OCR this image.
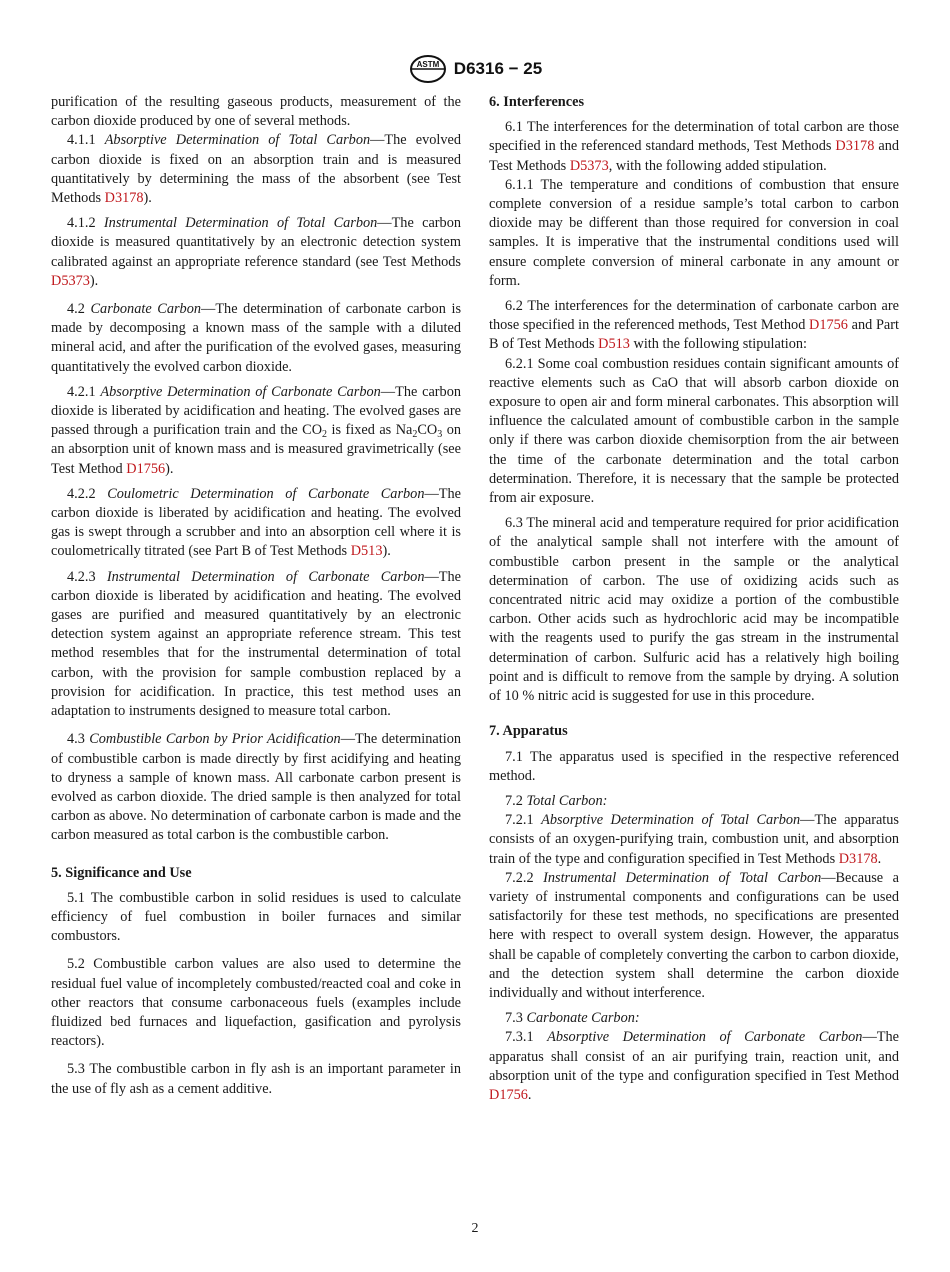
ASTM D6316 − 25

purification of the resulting gaseous products, measurement of the carbon dioxide produced by one of several methods.

4.1.1 Absorptive Determination of Total Carbon—The evolved carbon dioxide is fixed on an absorption train and is measured quantitatively by determining the mass of the absorbent (see Test Methods D3178).

4.1.2 Instrumental Determination of Total Carbon—The carbon dioxide is measured quantitatively by an electronic detection system calibrated against an appropriate reference standard (see Test Methods D5373).

4.2 Carbonate Carbon—The determination of carbonate carbon is made by decomposing a known mass of the sample with a diluted mineral acid, and after the purification of the evolved gases, measuring quantitatively the evolved carbon dioxide.

4.2.1 Absorptive Determination of Carbonate Carbon—The carbon dioxide is liberated by acidification and heating. The evolved gases are passed through a purification train and the $CO_2$ is fixed as $Na_2CO_3$ on an absorption unit of known mass and is measured gravimetrically (see Test Method D1756).

4.2.2 Coulometric Determination of Carbonate Carbon—The carbon dioxide is liberated by acidification and heating. The evolved gas is swept through a scrubber and into an absorption cell where it is coulometrically titrated (see Part B of Test Methods D513).

4.2.3 Instrumental Determination of Carbonate Carbon—The carbon dioxide is liberated by acidification and heating. The evolved gases are purified and measured quantitatively by an electronic detection system against an appropriate reference stream. This test method resembles that for the instrumental determination of total carbon, with the provision for sample combustion replaced by a provision for acidification. In practice, this test method uses an adaptation to instruments designed to measure total carbon.

4.3 Combustible Carbon by Prior Acidification—The determination of combustible carbon is made directly by first acidifying and heating to dryness a sample of known mass. All carbonate carbon present is evolved as carbon dioxide. The dried sample is then analyzed for total carbon as above. No determination of carbonate carbon is made and the carbon measured as total carbon is the combustible carbon.

5. Significance and Use

5.1 The combustible carbon in solid residues is used to calculate efficiency of fuel combustion in boiler furnaces and similar combustors.

5.2 Combustible carbon values are also used to determine the residual fuel value of incompletely combusted/reacted coal and coke in other reactors that consume carbonaceous fuels (examples include fluidized bed furnaces and liquefaction, gasification and pyrolysis reactors).

5.3 The combustible carbon in fly ash is an important parameter in the use of fly ash as a cement additive.

6. Interferences

6.1 The interferences for the determination of total carbon are those specified in the referenced standard methods, Test Methods D3178 and Test Methods D5373, with the following added stipulation.

6.1.1 The temperature and conditions of combustion that ensure complete conversion of a residue sample’s total carbon to carbon dioxide may be different than those required for conversion in coal samples. It is imperative that the instrumental conditions used will ensure complete conversion of mineral carbonate in any amount or form.

6.2 The interferences for the determination of carbonate carbon are those specified in the referenced methods, Test Method D1756 and Part B of Test Methods D513 with the following stipulation:

6.2.1 Some coal combustion residues contain significant amounts of reactive elements such as CaO that will absorb carbon dioxide on exposure to open air and form mineral carbonates. This absorption will influence the calculated amount of combustible carbon in the sample only if there was carbon dioxide chemisorption from the air between the time of the carbonate determination and the total carbon determination. Therefore, it is necessary that the sample be protected from air exposure.

6.3 The mineral acid and temperature required for prior acidification of the analytical sample shall not interfere with the amount of combustible carbon present in the sample or the analytical determination of carbon. The use of oxidizing acids such as concentrated nitric acid may oxidize a portion of the combustible carbon. Other acids such as hydrochloric acid may be incompatible with the reagents used to purify the gas stream in the instrumental determination of carbon. Sulfuric acid has a relatively high boiling point and is difficult to remove from the sample by drying. A solution of 10 % nitric acid is suggested for use in this procedure.

7. Apparatus

7.1 The apparatus used is specified in the respective referenced method.

7.2 Total Carbon:

7.2.1 Absorptive Determination of Total Carbon—The apparatus consists of an oxygen-purifying train, combustion unit, and absorption train of the type and configuration specified in Test Methods D3178.

7.2.2 Instrumental Determination of Total Carbon—Because a variety of instrumental components and configurations can be used satisfactorily for these test methods, no specifications are presented here with respect to overall system design. However, the apparatus shall be capable of completely converting the carbon to carbon dioxide, and the detection system shall determine the carbon dioxide individually and without interference.

7.3 Carbonate Carbon:

7.3.1 Absorptive Determination of Carbonate Carbon—The apparatus shall consist of an air purifying train, reaction unit, and absorption unit of the type and configuration specified in Test Method D1756.

2
